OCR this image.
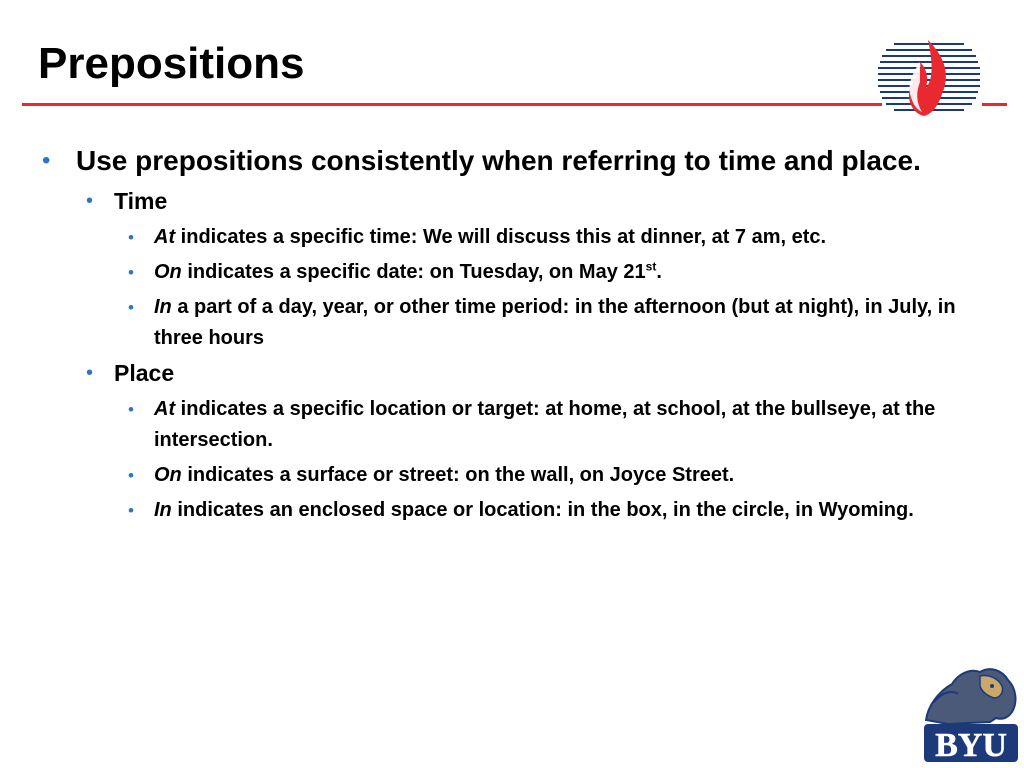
Prepositions
• Use prepositions consistently when referring to time and place.
• Time
• At indicates a specific time: We will discuss this at dinner, at 7 am, etc.
• On indicates a specific date: on Tuesday, on May 21st.
• In a part of a day, year, or other time period: in the afternoon (but at night), in July, in three hours
• Place
• At indicates a specific location or target: at home, at school, at the bullseye, at the intersection.
• On indicates a surface or street: on the wall, on Joyce Street.
• In indicates an enclosed space or location: in the box, in the circle, in Wyoming.
BYU
